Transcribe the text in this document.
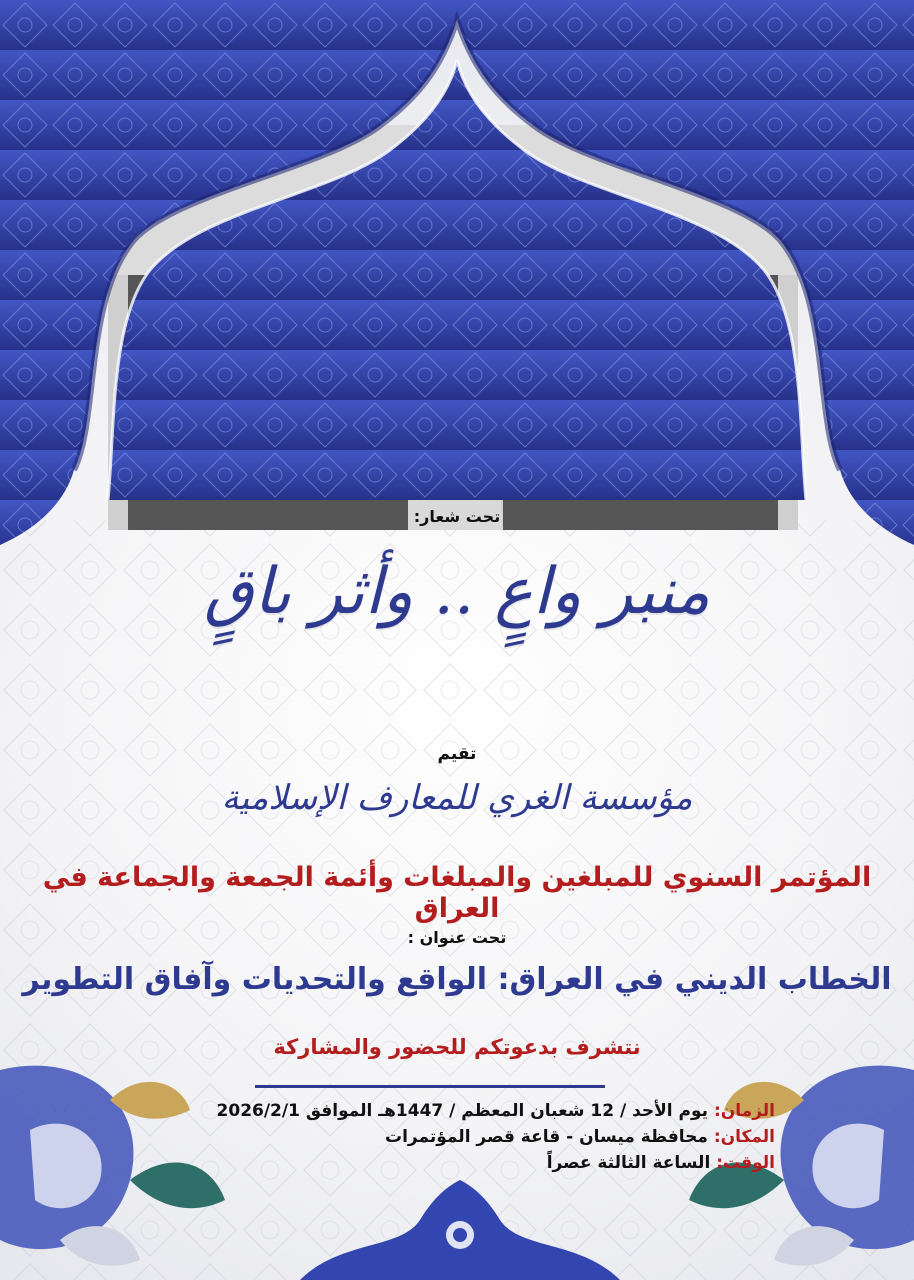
تحت شعار:
منبر واعٍ .. وأثر باقٍ
تقيم
مؤسسة الغري للمعارف الإسلامية
المؤتمر السنوي للمبلغين والمبلغات وأئمة الجمعة والجماعة في العراق
تحت عنوان :
الخطاب الديني في العراق: الواقع والتحديات وآفاق التطوير
نتشرف بدعوتكم للحضور والمشاركة
الزمان: يوم الأحد / 12 شعبان المعظم / 1447هـ الموافق 2026/2/1
المكان: محافظة ميسان - قاعة قصر المؤتمرات
الوقت: الساعة الثالثة عصراً
